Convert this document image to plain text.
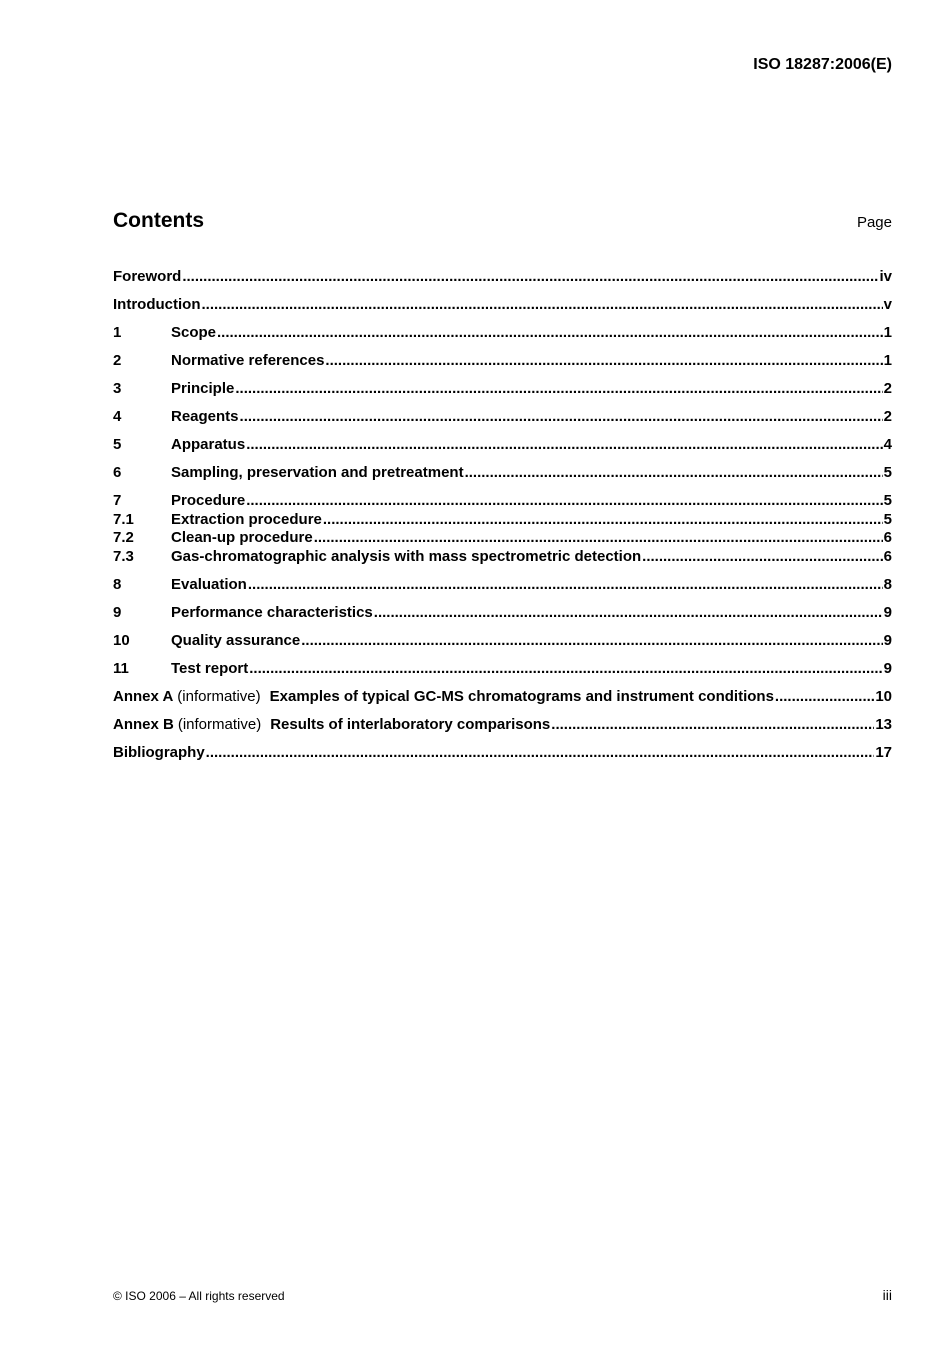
ISO 18287:2006(E)
Contents	Page
Foreword .....	iv
Introduction .....	v
1	Scope .....	1
2	Normative references .....	1
3	Principle .....	2
4	Reagents .....	2
5	Apparatus .....	4
6	Sampling, preservation and pretreatment .....	5
7	Procedure .....	5
7.1	Extraction procedure .....	5
7.2	Clean-up procedure .....	6
7.3	Gas-chromatographic analysis with mass spectrometric detection .....	6
8	Evaluation .....	8
9	Performance characteristics .....	9
10	Quality assurance .....	9
11	Test report .....	9
Annex A (informative) Examples of typical GC-MS chromatograms and instrument conditions .....	10
Annex B (informative) Results of interlaboratory comparisons .....	13
Bibliography .....	17
© ISO 2006 – All rights reserved	iii
